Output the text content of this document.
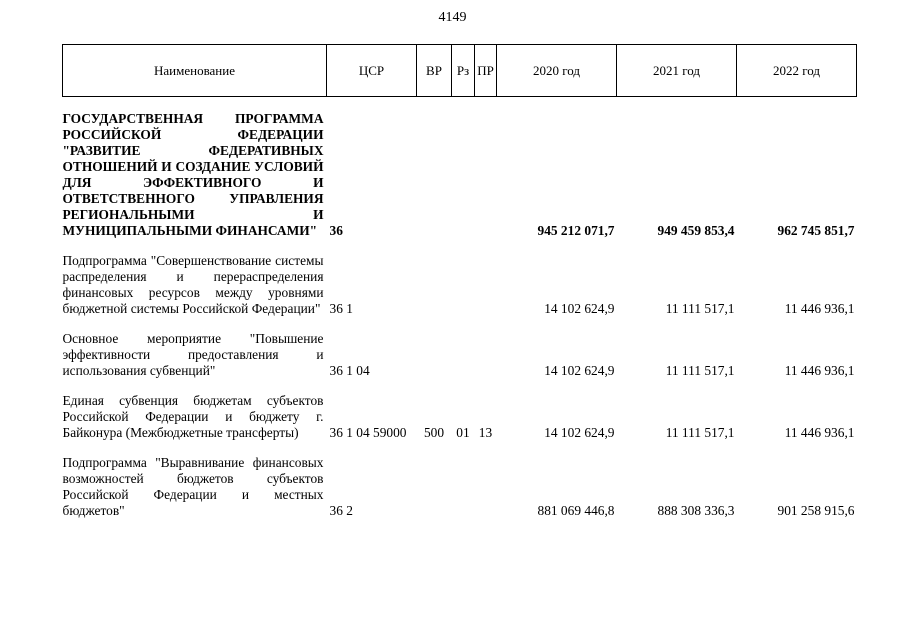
4149
Наименование	ЦСР	ВР	Рз	ПР	2020 год	2021 год	2022 год
ГОСУДАРСТВЕННАЯ ПРОГРАММА РОССИЙСКОЙ ФЕДЕРАЦИИ "РАЗВИТИЕ ФЕДЕРАТИВНЫХ ОТНОШЕНИЙ И СОЗДАНИЕ УСЛОВИЙ ДЛЯ ЭФФЕКТИВНОГО И ОТВЕТСТВЕННОГО УПРАВЛЕНИЯ РЕГИОНАЛЬНЫМИ И МУНИЦИПАЛЬНЫМИ ФИНАНСАМИ"	36				945 212 071,7	949 459 853,4	962 745 851,7
Подпрограмма "Совершенствование системы распределения и перераспределения финансовых ресурсов между уровнями бюджетной системы Российской Федерации"	36 1				14 102 624,9	11 111 517,1	11 446 936,1
Основное мероприятие "Повышение эффективности предоставления и использования субвенций"	36 1 04				14 102 624,9	11 111 517,1	11 446 936,1
Единая субвенция бюджетам субъектов Российской Федерации и бюджету г. Байконура (Межбюджетные трансферты)	36 1 04 59000	500	01	13	14 102 624,9	11 111 517,1	11 446 936,1
Подпрограмма "Выравнивание финансовых возможностей бюджетов субъектов Российской Федерации и местных бюджетов"	36 2				881 069 446,8	888 308 336,3	901 258 915,6
